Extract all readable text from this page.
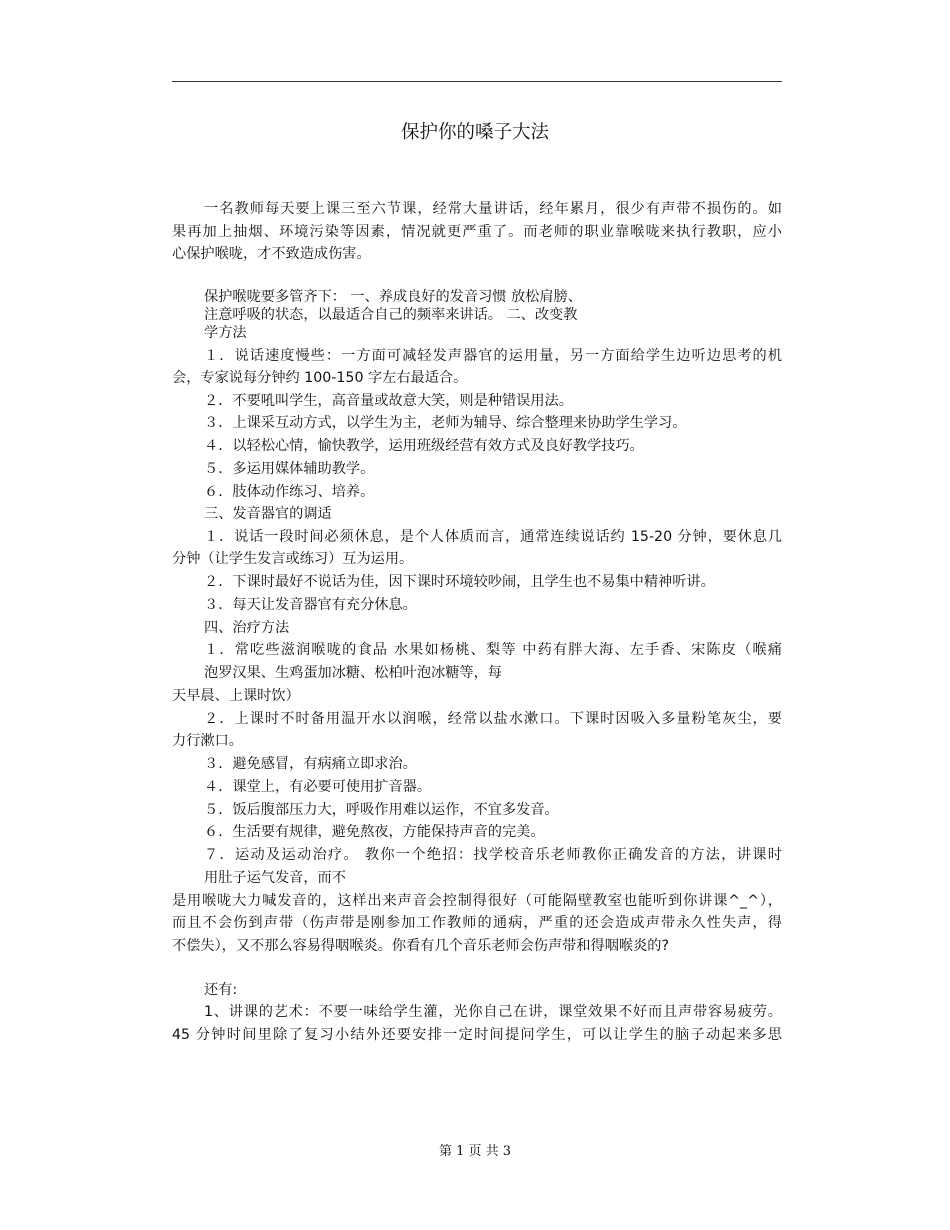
保护你的嗓子大法
一名教师每天要上课三至六节课，经常大量讲话，经年累月，很少有声带不损伤的。如
果再加上抽烟、环境污染等因素，情况就更严重了。而老师的职业靠喉咙来执行教职，应小
心保护喉咙，才不致造成伤害。
保护喉咙要多管齐下： 一、养成良好的发音习惯 放松肩膀、
注意呼吸的状态，以最适合自己的频率来讲话。 二、改变教
学方法
１．说话速度慢些：一方面可减轻发声器官的运用量，另一方面给学生边听边思考的机
会，专家说每分钟约 100-150 字左右最适合。
２．不要吼叫学生，高音量或故意大笑，则是种错误用法。
３．上课采互动方式，以学生为主，老师为辅导、综合整理来协助学生学习。
４．以轻松心情，愉快教学，运用班级经营有效方式及良好教学技巧。
５．多运用媒体辅助教学。
６．肢体动作练习、培养。
三、发音器官的调适
１．说话一段时间必须休息，是个人体质而言，通常连续说话约 15-20 分钟，要休息几
分钟（让学生发言或练习）互为运用。
２．下课时最好不说话为佳，因下课时环境较吵闹，且学生也不易集中精神听讲。
３．每天让发音器官有充分休息。
四、治疗方法
１．常吃些滋润喉咙的食品 水果如杨桃、梨等 中药有胖大海、左手香、宋陈皮（喉痛
泡罗汉果、生鸡蛋加冰糖、松柏叶泡冰糖等，每
天早晨、上课时饮）
２．上课时不时备用温开水以润喉，经常以盐水漱口。下课时因吸入多量粉笔灰尘，要
力行漱口。
３．避免感冒，有病痛立即求治。
４．课堂上，有必要可使用扩音器。
５．饭后腹部压力大，呼吸作用难以运作，不宜多发音。
６．生活要有规律，避免熬夜，方能保持声音的完美。
７．运动及运动治疗。 教你一个绝招：找学校音乐老师教你正确发音的方法，讲课时
用肚子运气发音，而不
是用喉咙大力喊发音的，这样出来声音会控制得很好（可能隔壁教室也能听到你讲课^_^），
而且不会伤到声带（伤声带是刚参加工作教师的通病，严重的还会造成声带永久性失声，得
不偿失），又不那么容易得咽喉炎。你看有几个音乐老师会伤声带和得咽喉炎的?
还有:
1、讲课的艺术：不要一味给学生灌，光你自己在讲，课堂效果不好而且声带容易疲劳。
45 分钟时间里除了复习小结外还要安排一定时间提问学生，可以让学生的脑子动起来多思
第 1 页 共 3
